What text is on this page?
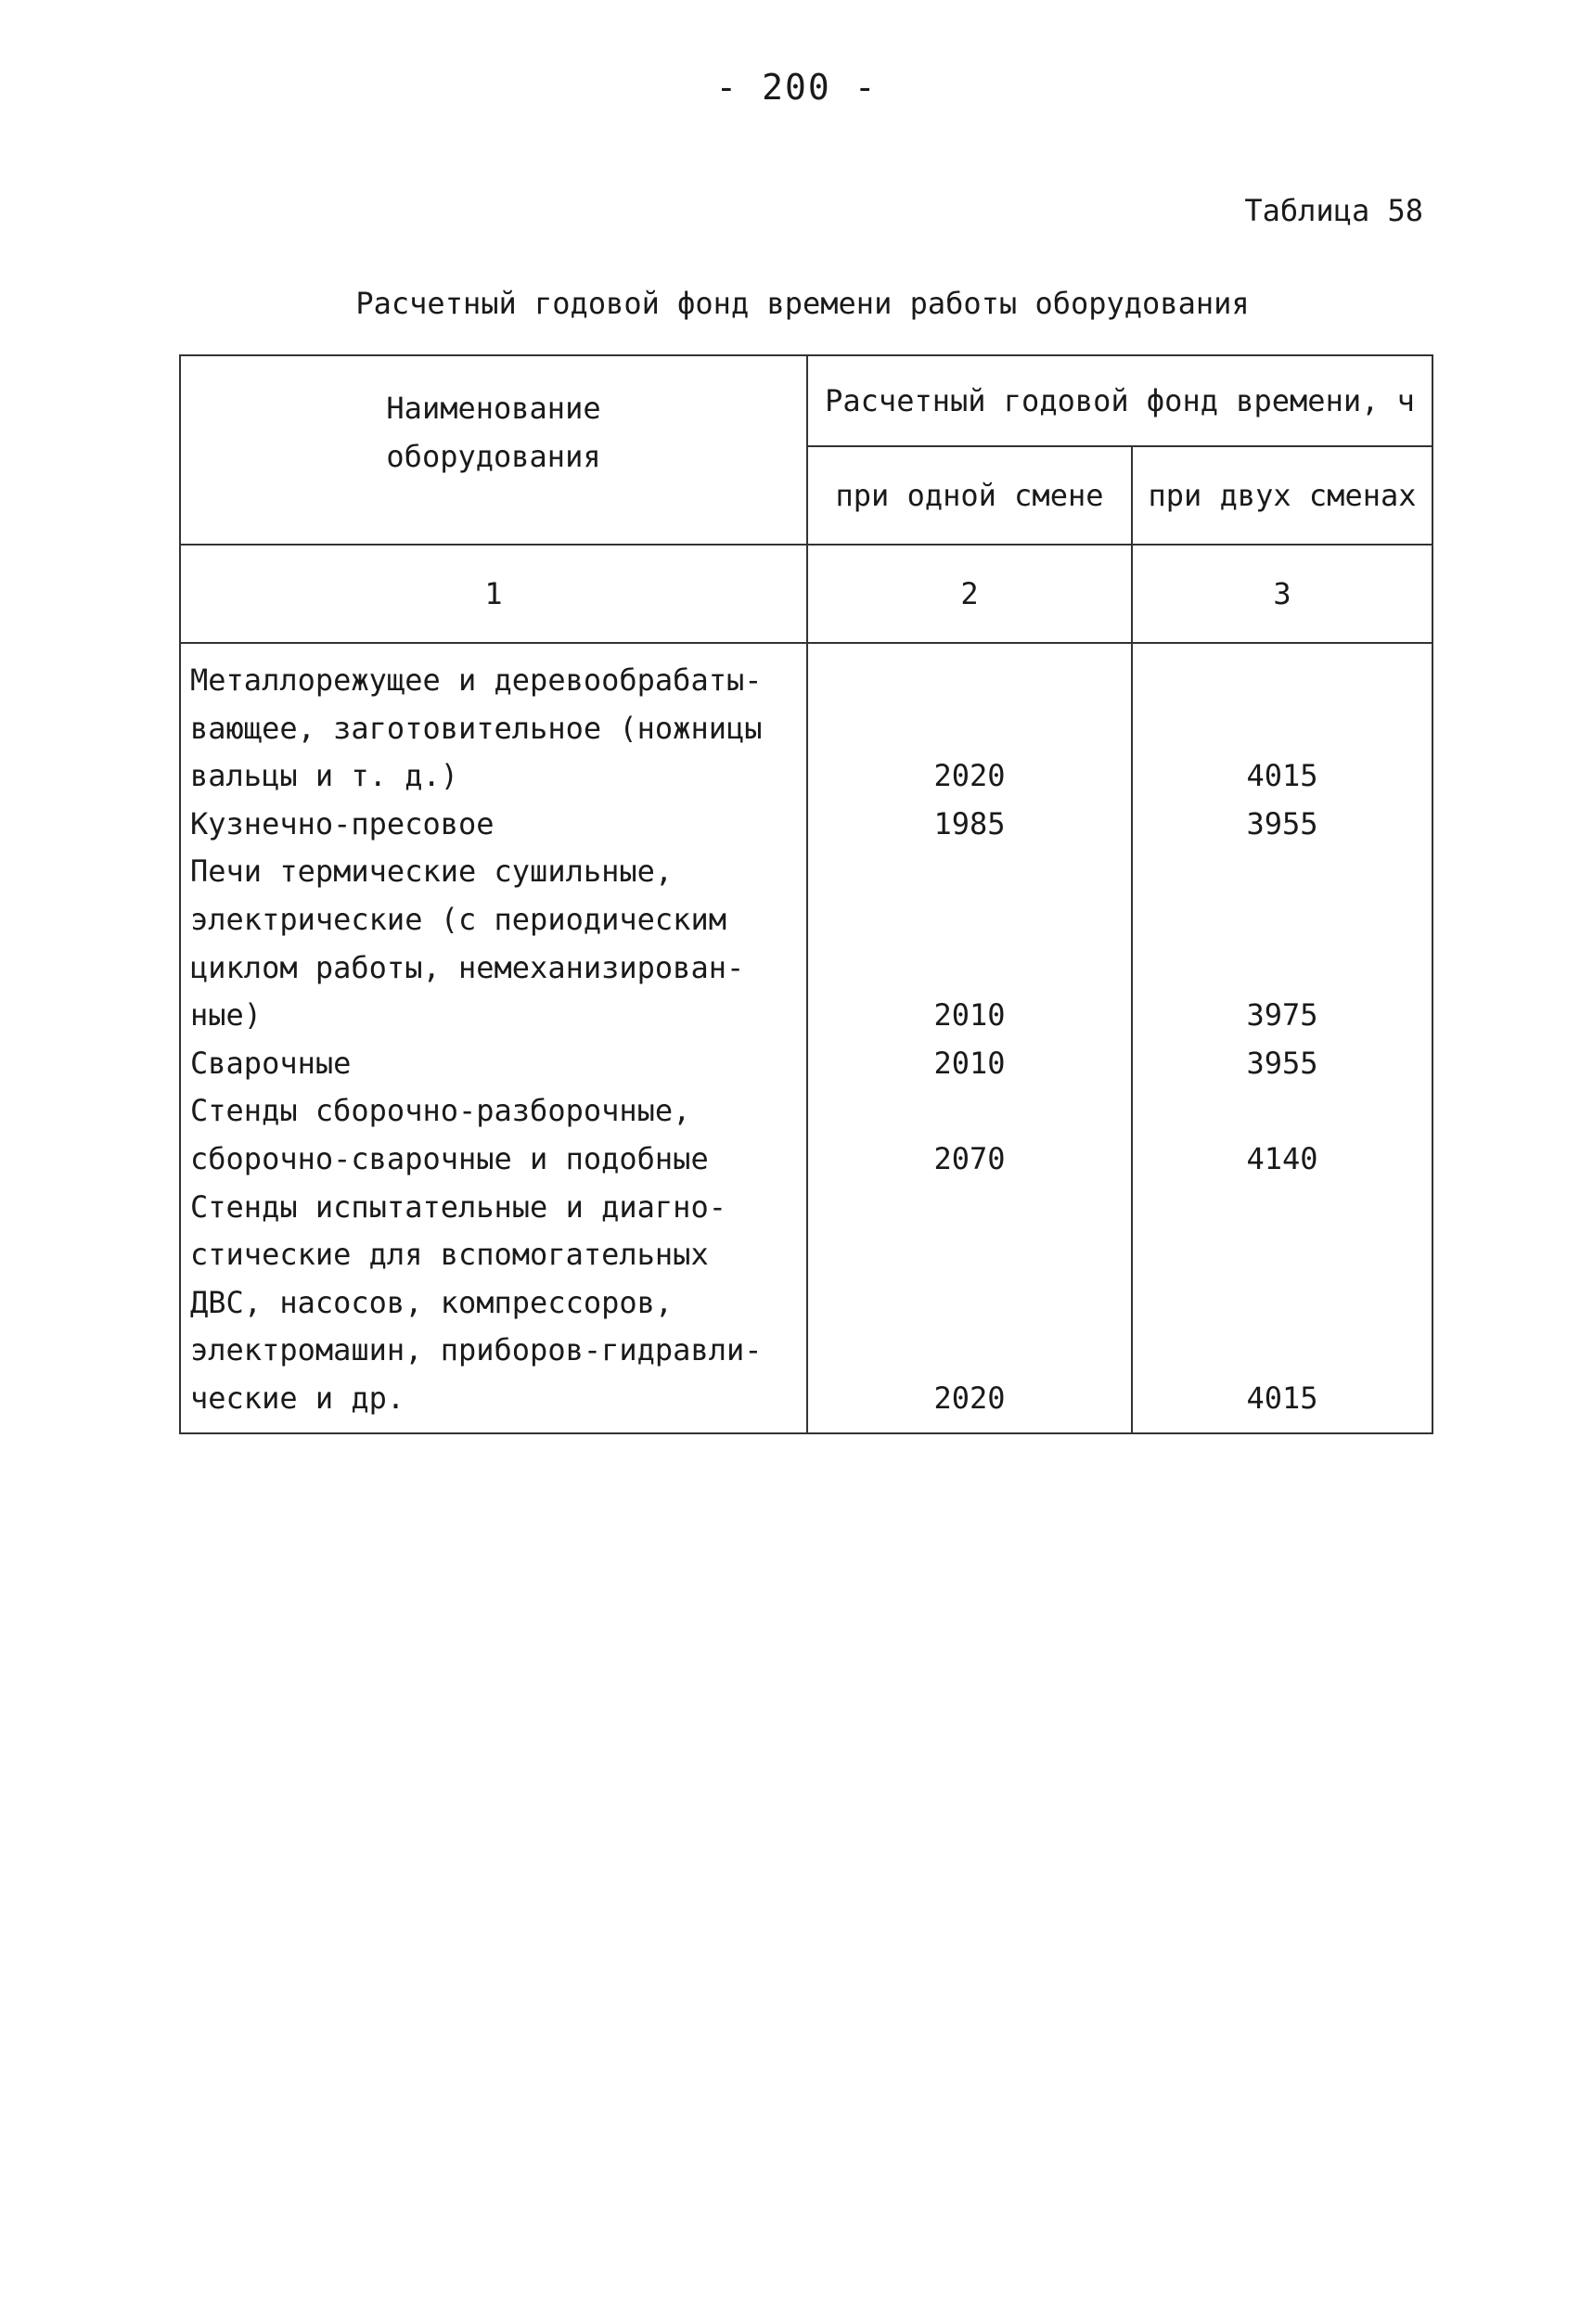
- 200 -
Таблица 58
Расчетный годовой фонд времени работы оборудования
Наименование
оборудования	Расчетный годовой фонд времени, ч	
	при одной смене	при двух сменах
1	2	3
Металлорежущее и деревообрабаты-		
вающее, заготовительное (ножницы		
вальцы и т. д.)	2020	4015
Кузнечно-пресовое	1985	3955
Печи термические сушильные,		
электрические (с периодическим		
циклом работы, немеханизирован-		
ные)	2010	3975
Сварочные	2010	3955
Стенды сборочно-разборочные,		
сборочно-сварочные и подобные	2070	4140
Стенды испытательные и диагно-		
стические для вспомогательных		
ДВС, насосов, компрессоров,		
электромашин, приборов-гидравли-		
ческие и др.	2020	4015
